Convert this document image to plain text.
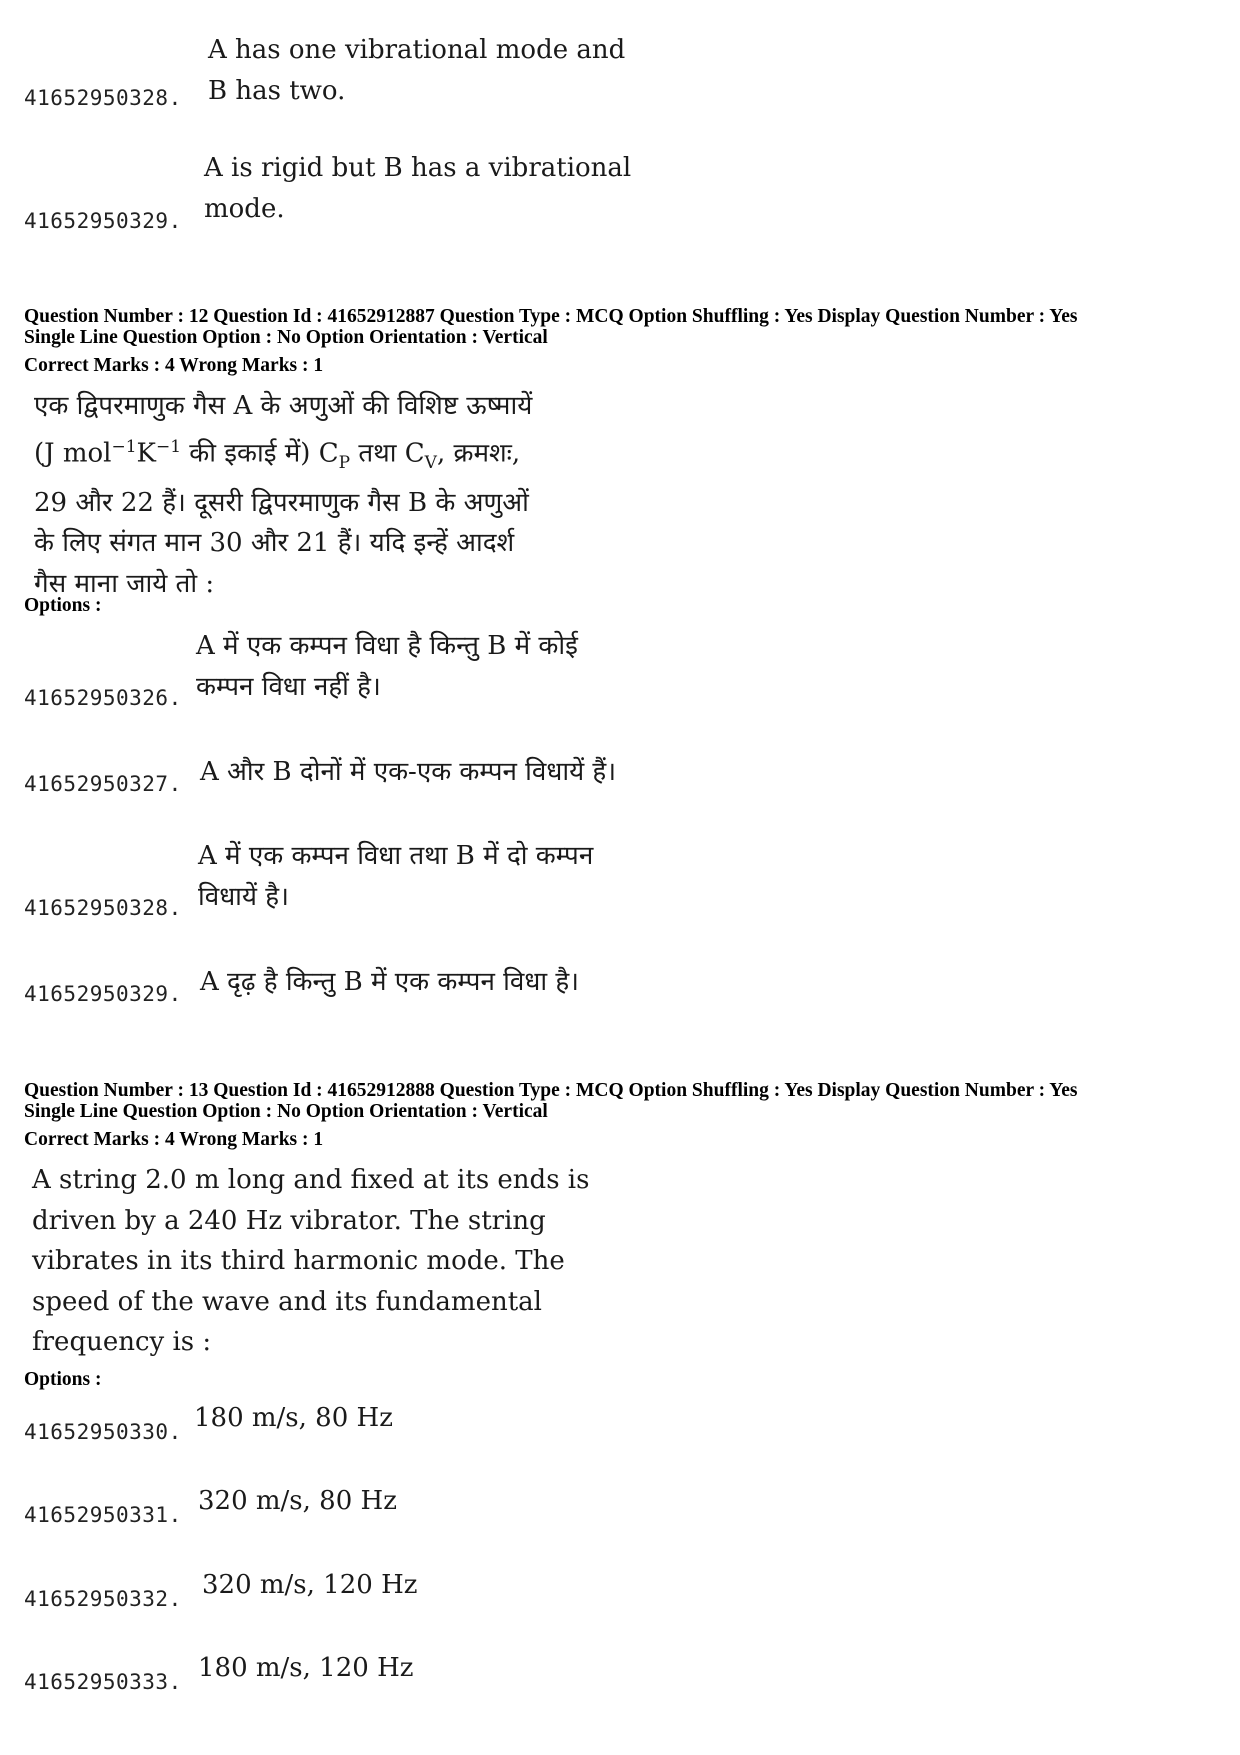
A has one vibrational mode and B has two.
41652950328.
A is rigid but B has a vibrational mode.
41652950329.
Question Number : 12 Question Id : 41652912887 Question Type : MCQ Option Shuffling : Yes Display Question Number : Yes
Single Line Question Option : No Option Orientation : Vertical
Correct Marks : 4 Wrong Marks : 1
एक द्विपरमाणुक गैस A के अणुओं की विशिष्ट ऊष्मायें
(J $mol^{-1}K^{-1}$ की इकाई में) $C_P$ तथा $C_V$, क्रमशः,
29 और 22 हैं। दूसरी द्विपरमाणुक गैस B के अणुओं
के लिए संगत मान 30 और 21 हैं। यदि इन्हें आदर्श
गैस माना जाये तो :
Options :
A में एक कम्पन विधा है किन्तु B में कोई कम्पन विधा नहीं है।
41652950326.
A और B दोनों में एक-एक कम्पन विधायें हैं।
41652950327.
A में एक कम्पन विधा तथा B में दो कम्पन विधायें है।
41652950328.
A दृढ़ है किन्तु B में एक कम्पन विधा है।
41652950329.
Question Number : 13 Question Id : 41652912888 Question Type : MCQ Option Shuffling : Yes Display Question Number : Yes
Single Line Question Option : No Option Orientation : Vertical
Correct Marks : 4 Wrong Marks : 1
A string 2.0 m long and fixed at its ends is
driven by a 240 Hz vibrator. The string
vibrates in its third harmonic mode. The
speed of the wave and its fundamental
frequency is :
Options :
180 m/s, 80 Hz
41652950330.
320 m/s, 80 Hz
41652950331.
320 m/s, 120 Hz
41652950332.
180 m/s, 120 Hz
41652950333.
